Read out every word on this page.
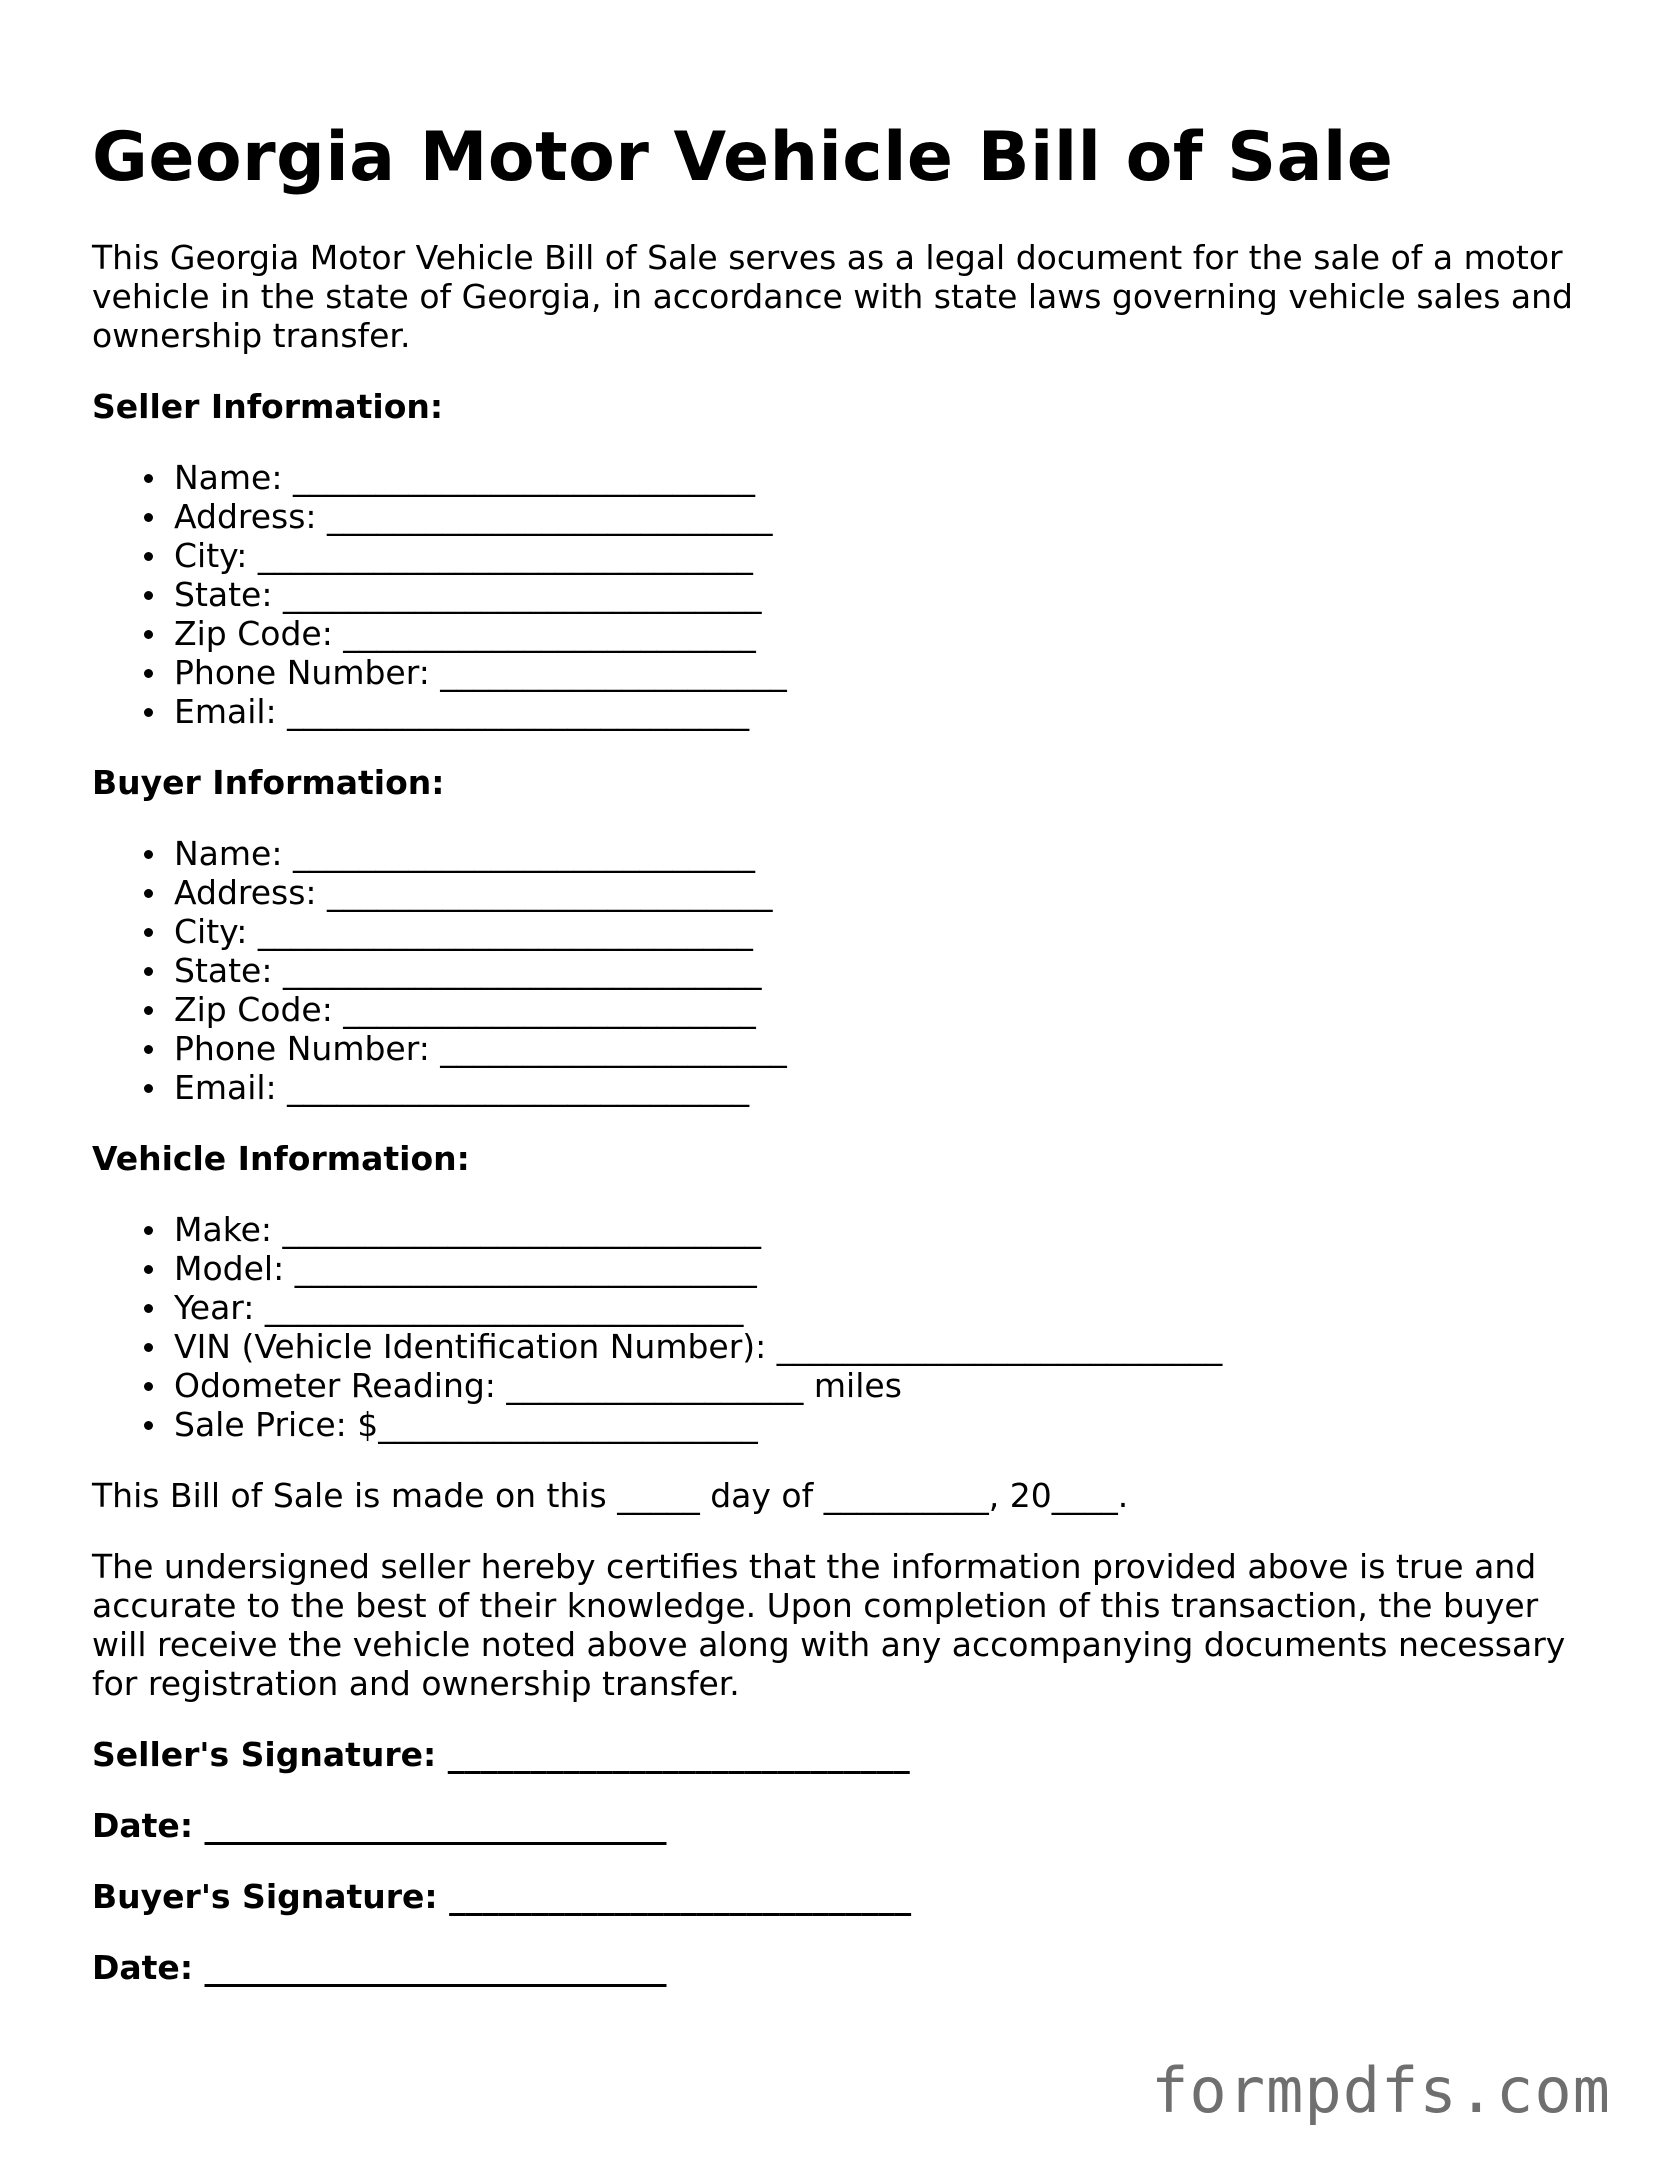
Georgia Motor Vehicle Bill of Sale

This Georgia Motor Vehicle Bill of Sale serves as a legal document for the sale of a motor vehicle in the state of Georgia, in accordance with state laws governing vehicle sales and ownership transfer.

Seller Information:
Name: ____________________________
Address: ___________________________
City: ______________________________
State: _____________________________
Zip Code: _________________________
Phone Number: _____________________
Email: ____________________________
Buyer Information:
Name: ____________________________
Address: ___________________________
City: ______________________________
State: _____________________________
Zip Code: _________________________
Phone Number: _____________________
Email: ____________________________
Vehicle Information:
Make: _____________________________
Model: ____________________________
Year: _____________________________
VIN (Vehicle Identification Number): ___________________________
Odometer Reading: __________________ miles
Sale Price: $_______________________

This Bill of Sale is made on this _____ day of __________, 20____.

The undersigned seller hereby certifies that the information provided above is true and accurate to the best of their knowledge. Upon completion of this transaction, the buyer will receive the vehicle noted above along with any accompanying documents necessary for registration and ownership transfer.

Seller's Signature: ____________________________
Date: ____________________________
Buyer's Signature: ____________________________
Date: ____________________________
formpdfs.com
